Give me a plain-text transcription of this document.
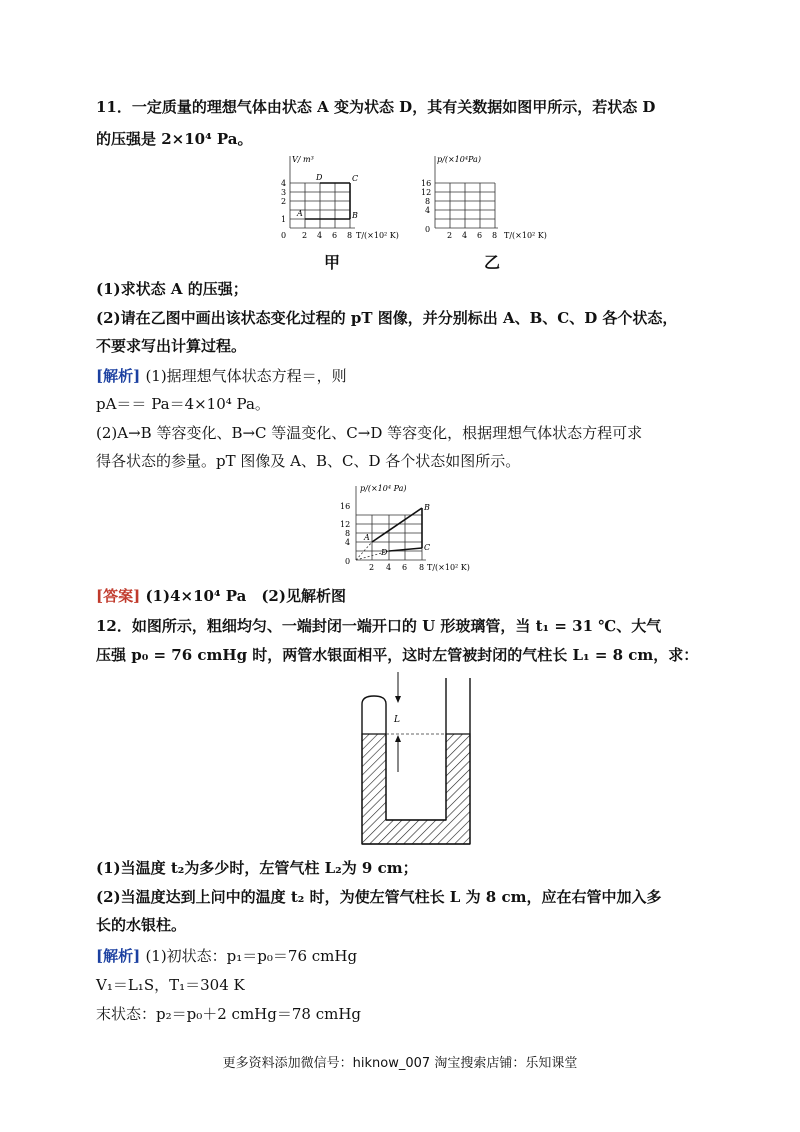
11．一定质量的理想气体由状态 A 变为状态 D，其有关数据如图甲所示，若状态 D
的压强是 2×10⁴ Pa。
V/ m³
T/(×10² K)
4
3
2
1
0 2 4 6 8
A	B
C
D
甲
p/(×10⁴Pa)
T/(×10² K)
16
12
8
4
0
2 4 6 8
乙
(1)求状态 A 的压强；
(2)请在乙图中画出该状态变化过程的 pT 图像，并分别标出 A、B、C、D 各个状态，
不要求写出计算过程。
[解析] (1)据理想气体状态方程＝，则
pA＝＝ Pa＝4×10⁴ Pa。
(2)A→B 等容变化、B→C 等温变化、C→D 等容变化，根据理想气体状态方程可求
得各状态的参量。pT 图像及 A、B、C、D 各个状态如图所示。
p/(×10⁴ Pa)
T/(×10² K)
16
12
8
4
0
2 4 6 8
A
B
C
D
[答案] (1)4×10⁴ Pa　(2)见解析图
12．如图所示，粗细均匀、一端封闭一端开口的 U 形玻璃管，当 t₁ = 31 ℃、大气
压强 p₀ = 76 cmHg 时，两管水银面相平，这时左管被封闭的气柱长 L₁ = 8 cm，求：
L
(1)当温度 t₂为多少时，左管气柱 L₂为 9 cm；
(2)当温度达到上问中的温度 t₂ 时，为使左管气柱长 L 为 8 cm，应在右管中加入多
长的水银柱。
[解析] (1)初状态：p₁＝p₀＝76 cmHg
V₁＝L₁S，T₁＝304 K
末状态：p₂＝p₀＋2 cmHg＝78 cmHg
更多资料添加微信号：hiknow_007 淘宝搜索店铺：乐知课堂
